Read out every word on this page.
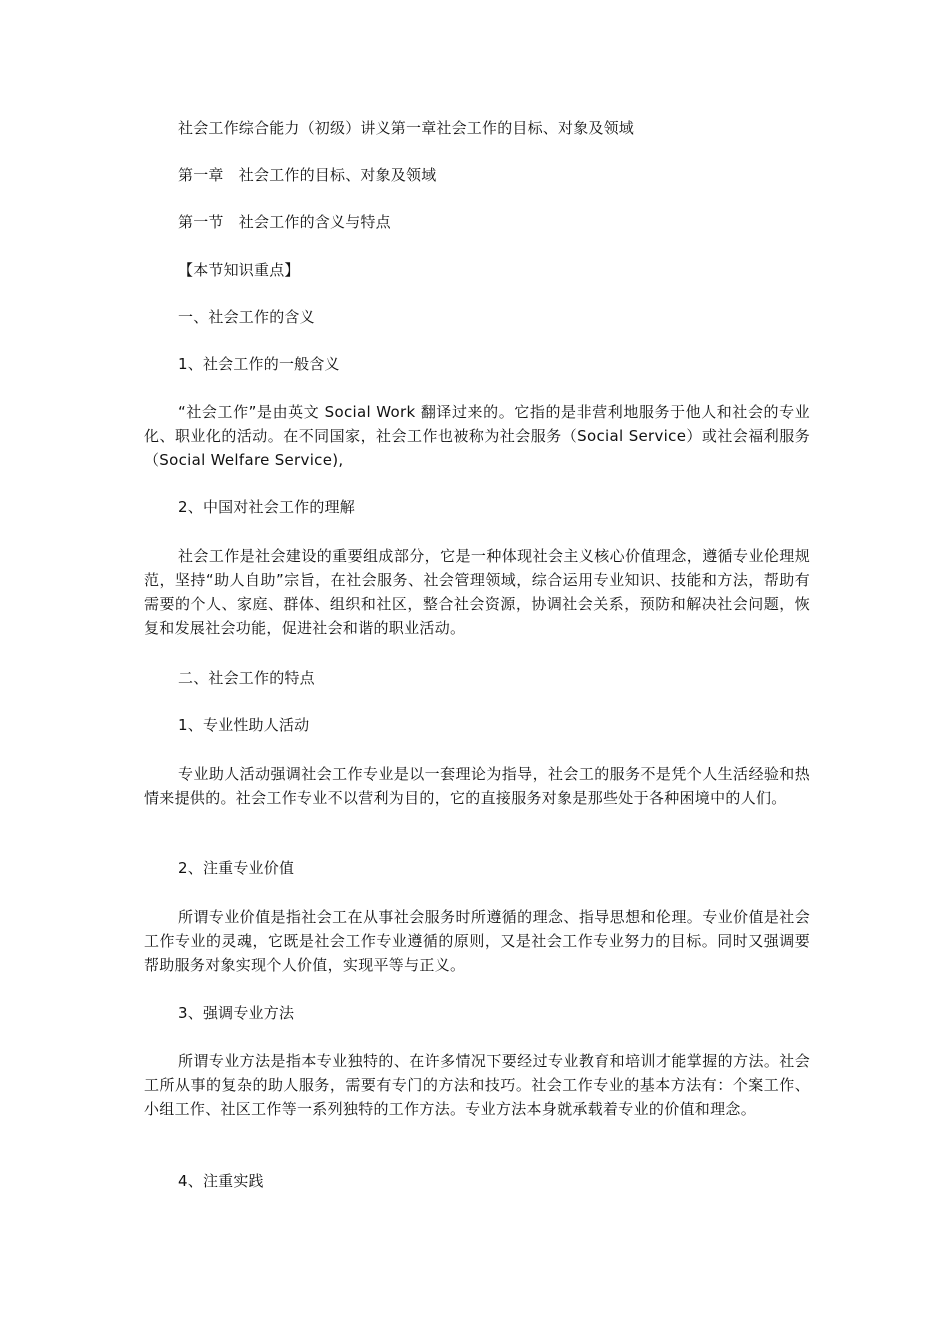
社会工作综合能力（初级）讲义第一章社会工作的目标、对象及领域
第一章　社会工作的目标、对象及领域
第一节　社会工作的含义与特点
【本节知识重点】
一、社会工作的含义
1、社会工作的一般含义
“社会工作”是由英文 Social Work 翻译过来的。它指的是非营利地服务于他人和社会的专业化、职业化的活动。在不同国家，社会工作也被称为社会服务（Social Service）或社会福利服务（Social Welfare Service),
2、中国对社会工作的理解
社会工作是社会建设的重要组成部分，它是一种体现社会主义核心价值理念，遵循专业伦理规范，坚持“助人自助”宗旨，在社会服务、社会管理领域，综合运用专业知识、技能和方法，帮助有需要的个人、家庭、群体、组织和社区，整合社会资源，协调社会关系，预防和解决社会问题，恢复和发展社会功能，促进社会和谐的职业活动。
二、社会工作的特点
1、专业性助人活动
专业助人活动强调社会工作专业是以一套理论为指导，社会工的服务不是凭个人生活经验和热情来提供的。社会工作专业不以营利为目的，它的直接服务对象是那些处于各种困境中的人们。
2、注重专业价值
所谓专业价值是指社会工在从事社会服务时所遵循的理念、指导思想和伦理。专业价值是社会工作专业的灵魂，它既是社会工作专业遵循的原则，又是社会工作专业努力的目标。同时又强调要帮助服务对象实现个人价值，实现平等与正义。
3、强调专业方法
所谓专业方法是指本专业独特的、在许多情况下要经过专业教育和培训才能掌握的方法。社会工所从事的复杂的助人服务，需要有专门的方法和技巧。社会工作专业的基本方法有：个案工作、小组工作、社区工作等一系列独特的工作方法。专业方法本身就承载着专业的价值和理念。
4、注重实践
